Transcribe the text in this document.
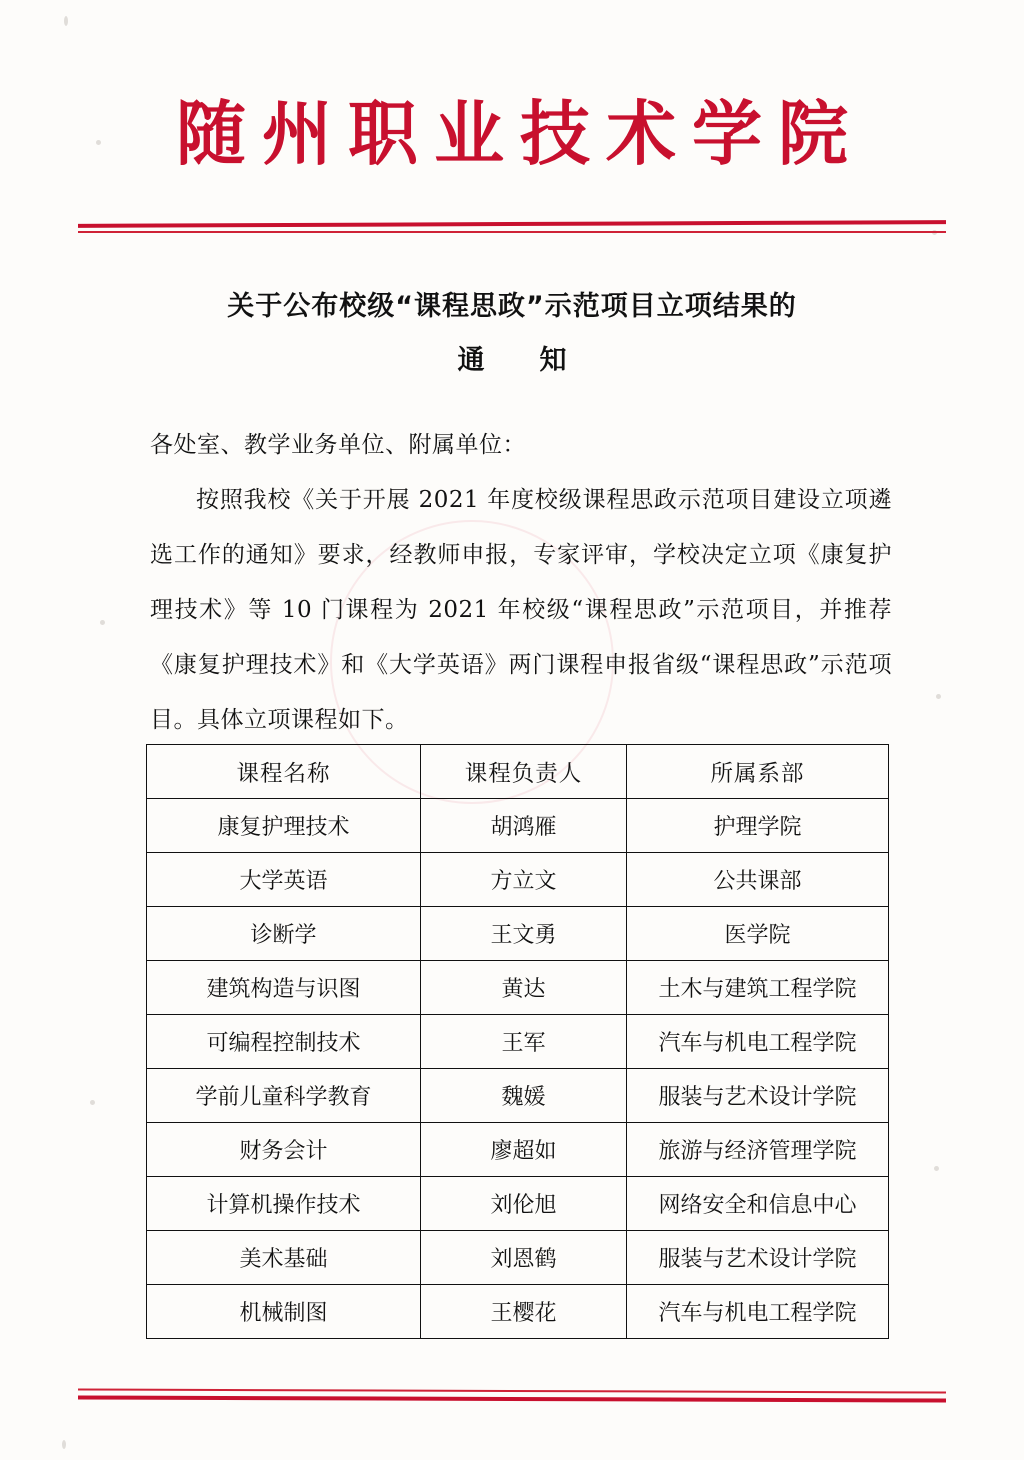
随州职业技术学院
关于公布校级“课程思政”示范项目立项结果的
通　知
各处室、教学业务单位、附属单位：
按照我校《关于开展 2021 年度校级课程思政示范项目建设立项遴选工作的通知》要求，经教师申报，专家评审，学校决定立项《康复护理技术》等 10 门课程为 2021 年校级“课程思政”示范项目，并推荐《康复护理技术》和《大学英语》两门课程申报省级“课程思政”示范项目。具体立项课程如下。
课程名称	课程负责人	所属系部
康复护理技术	胡鸿雁	护理学院
大学英语	方立文	公共课部
诊断学	王文勇	医学院
建筑构造与识图	黄达	土木与建筑工程学院
可编程控制技术	王军	汽车与机电工程学院
学前儿童科学教育	魏媛	服装与艺术设计学院
财务会计	廖超如	旅游与经济管理学院
计算机操作技术	刘伦旭	网络安全和信息中心
美术基础	刘恩鹤	服装与艺术设计学院
机械制图	王樱花	汽车与机电工程学院
